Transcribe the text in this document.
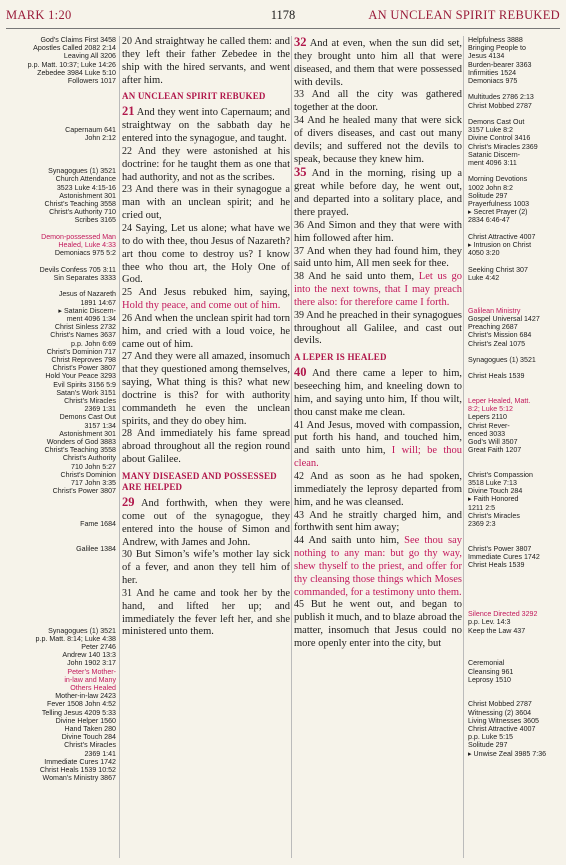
MARK 1:20	1178	AN UNCLEAN SPIRIT REBUKED
God’s Claims First 3458
Apostles Called 2082 2:14
Leaving All 3206
p.p. Matt. 10:37; Luke 14:26
Zebedee 3984 Luke 5:10
Followers 1017

Capernaum 641
John 2:12

Synagogues (1) 3521
Church Attendance
3523 Luke 4:15-16
Astonishment 301
Christ’s Teaching 3558
Christ’s Authority 710
Scribes 3165

Demon-possessed Man
Healed, Luke 4:33
Demoniacs 975 5:2

Devils Confess 705 3:11
Sin Separates 3333

Jesus of Nazareth
1891 14:67
▸ Satanic Discern-
ment 4096 1:34
Christ Sinless 2732
Christ’s Names 3637
p.p. John 6:69
Christ’s Dominion 717
Christ Reproves 798
Christ’s Power 3807
Hold Your Peace 3293
Evil Spirits 3156 5:9
Satan’s Work 3151
Christ’s Miracles
2369 1:31
Demons Cast Out
3157 1:34
Astonishment 301
Wonders of God 3883
Christ’s Teaching 3558
Christ’s Authority
710 John 5:27
Christ’s Dominion
717 John 3:35
Christ’s Power 3807

Fame 1684

Galilee 1384

Synagogues (1) 3521
p.p. Matt. 8:14; Luke 4:38
Peter 2746
Andrew 140 13:3
John 1902 3:17
Peter’s Mother-
in-law and Many
Others Healed
Mother-in-law 2423
Fever 1508 John 4:52
Telling Jesus 4209 5:33
Divine Helper 1560
Hand Taken 280
Divine Touch 284
Christ’s Miracles
2369 1:41
Immediate Cures 1742
Christ Heals 1539 10:52
Woman’s Ministry 3867

20 And straightway he called them: and they left their father Zebedee in the ship with the hired servants, and went after him.

AN UNCLEAN SPIRIT REBUKED

21 And they went into Capernaum; and straightway on the sabbath day he entered into the synagogue, and taught.

22 And they were astonished at his doctrine: for he taught them as one that had authority, and not as the scribes.

23 And there was in their synagogue a man with an unclean spirit; and he cried out,

24 Saying, Let us alone; what have we to do with thee, thou Jesus of Nazareth? art thou come to destroy us? I know thee who thou art, the Holy One of God.

25 And Jesus rebuked him, saying, Hold thy peace, and come out of him.

26 And when the unclean spirit had torn him, and cried with a loud voice, he came out of him.

27 And they were all amazed, insomuch that they questioned among themselves, saying, What thing is this? what new doctrine is this? for with authority commandeth he even the unclean spirits, and they do obey him.

28 And immediately his fame spread abroad throughout all the region round about Galilee.

MANY DISEASED AND POSSESSED ARE HELPED

29 And forthwith, when they were come out of the synagogue, they entered into the house of Simon and Andrew, with James and John.

30 But Simon’s wife’s mother lay sick of a fever, and anon they tell him of her.

31 And he came and took her by the hand, and lifted her up; and immediately the fever left her, and she ministered unto them.

32 And at even, when the sun did set, they brought unto him all that were diseased, and them that were possessed with devils.

33 And all the city was gathered together at the door.

34 And he healed many that were sick of divers diseases, and cast out many devils; and suffered not the devils to speak, because they knew him.

35 And in the morning, rising up a great while before day, he went out, and departed into a solitary place, and there prayed.

36 And Simon and they that were with him followed after him.

37 And when they had found him, they said unto him, All men seek for thee.

38 And he said unto them, Let us go into the next towns, that I may preach there also: for therefore came I forth.

39 And he preached in their synagogues throughout all Galilee, and cast out devils.

A LEPER IS HEALED

40 And there came a leper to him, beseeching him, and kneeling down to him, and saying unto him, If thou wilt, thou canst make me clean.

41 And Jesus, moved with compassion, put forth his hand, and touched him, and saith unto him, I will; be thou clean.

42 And as soon as he had spoken, immediately the leprosy departed from him, and he was cleansed.

43 And he straitly charged him, and forthwith sent him away;

44 And saith unto him, See thou say nothing to any man: but go thy way, shew thyself to the priest, and offer for thy cleansing those things which Moses commanded, for a testimony unto them.

45 But he went out, and began to publish it much, and to blaze abroad the matter, insomuch that Jesus could no more openly enter into the city, but

Helpfulness 3888
Bringing People to
Jesus 4134
Burden-bearer 3363
Infirmities 1524
Demoniacs 975

Multitudes 2786 2:13
Christ Mobbed 2787

Demons Cast Out
3157 Luke 8:2
Divine Control 3416
Christ’s Miracles 2369
Satanic Discern-
ment 4096 3:11

Morning Devotions
1002 John 8:2
Solitude 297
Prayerfulness 1003
▸ Secret Prayer (2)
2834 6:46-47

Christ Attractive 4007
▸ Intrusion on Christ
4050 3:20

Seeking Christ 307
Luke 4:42

Galilean Ministry
Gospel Universal 1427
Preaching 2687
Christ’s Mission 684
Christ’s Zeal 1075

Synagogues (1) 3521

Christ Heals 1539

Leper Healed, Matt.
8:2; Luke 5:12
Lepers 2110
Christ Rever-
enced 3033
God’s Will 3507
Great Faith 1207

Christ’s Compassion
3518 Luke 7:13
Divine Touch 284
▸ Faith Honored
1211 2:5
Christ’s Miracles
2369 2:3

Christ’s Power 3807
Immediate Cures 1742
Christ Heals 1539

Silence Directed 3292
p.p. Lev. 14:3
Keep the Law 437

Ceremonial
Cleansing 961
Leprosy 1510

Christ Mobbed 2787
Witnessing (2) 3604
Living Witnesses 3605
Christ Attractive 4007
p.p. Luke 5:15
Solitude 297
▸ Unwise Zeal 3985 7:36
